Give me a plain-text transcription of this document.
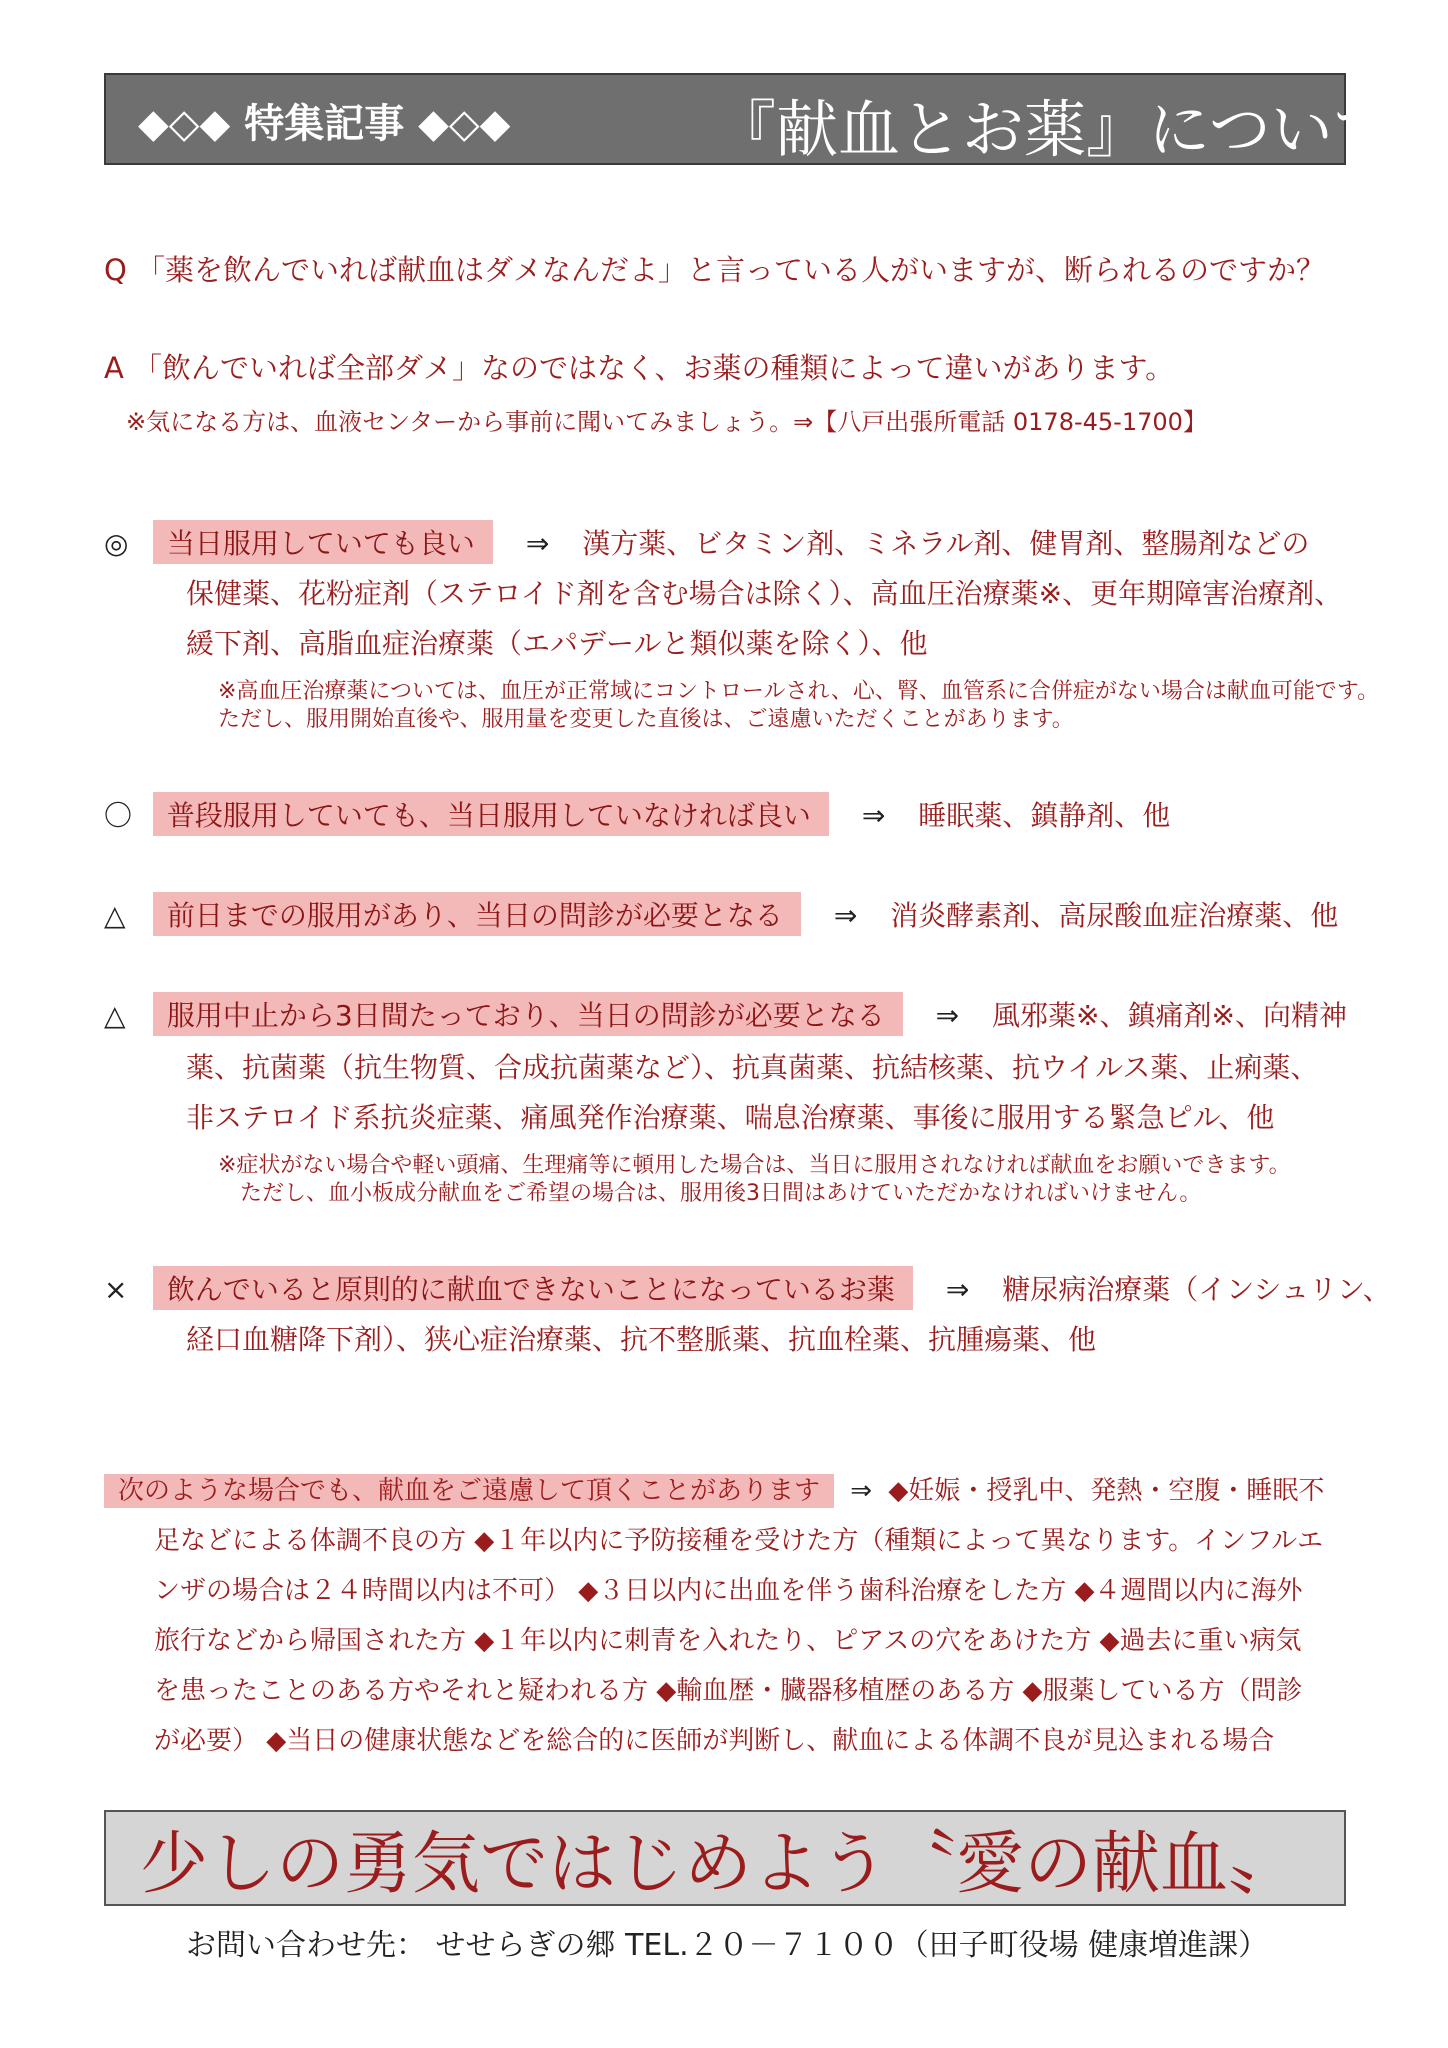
◆◇◆ 特集記事 ◆◇◆	『献血とお薬』について
Q 「薬を飲んでいれば献血はダメなんだよ」と言っている人がいますが、断られるのですか？
A 「飲んでいれば全部ダメ」なのではなく、お薬の種類によって違いがあります。
※気になる方は、血液センターから事前に聞いてみましょう。⇒【八戸出張所電話 0178-45-1700】
◎ 当日服用していても良い ⇒ 漢方薬、ビタミン剤、ミネラル剤、健胃剤、整腸剤などの
保健薬、花粉症剤（ステロイド剤を含む場合は除く）、高血圧治療薬※、更年期障害治療剤、
緩下剤、高脂血症治療薬（エパデールと類似薬を除く）、他
※高血圧治療薬については、血圧が正常域にコントロールされ、心、腎、血管系に合併症がない場合は献血可能です。
ただし、服用開始直後や、服用量を変更した直後は、ご遠慮いただくことがあります。
〇 普段服用していても、当日服用していなければ良い ⇒ 睡眠薬、鎮静剤、他
△ 前日までの服用があり、当日の問診が必要となる ⇒ 消炎酵素剤、高尿酸血症治療薬、他
△ 服用中止から3日間たっており、当日の問診が必要となる ⇒ 風邪薬※、鎮痛剤※、向精神
薬、抗菌薬（抗生物質、合成抗菌薬など）、抗真菌薬、抗結核薬、抗ウイルス薬、止痢薬、
非ステロイド系抗炎症薬、痛風発作治療薬、喘息治療薬、事後に服用する緊急ピル、他
※症状がない場合や軽い頭痛、生理痛等に頓用した場合は、当日に服用されなければ献血をお願いできます。
ただし、血小板成分献血をご希望の場合は、服用後3日間はあけていただかなければいけません。
× 飲んでいると原則的に献血できないことになっているお薬 ⇒ 糖尿病治療薬（インシュリン、
経口血糖降下剤）、狭心症治療薬、抗不整脈薬、抗血栓薬、抗腫瘍薬、他
次のような場合でも、献血をご遠慮して頂くことがあります ⇒ ◆妊娠・授乳中、発熱・空腹・睡眠不
足などによる体調不良の方 ◆１年以内に予防接種を受けた方（種類によって異なります。インフルエ
ンザの場合は２４時間以内は不可） ◆３日以内に出血を伴う歯科治療をした方 ◆４週間以内に海外
旅行などから帰国された方 ◆１年以内に刺青を入れたり、ピアスの穴をあけた方 ◆過去に重い病気
を患ったことのある方やそれと疑われる方 ◆輸血歴・臓器移植歴のある方 ◆服薬している方（問診
が必要） ◆当日の健康状態などを総合的に医師が判断し、献血による体調不良が見込まれる場合
少しの勇気ではじめよう〝愛の献血〟
お問い合わせ先： せせらぎの郷 TEL.２０－７１００（田子町役場 健康増進課）
